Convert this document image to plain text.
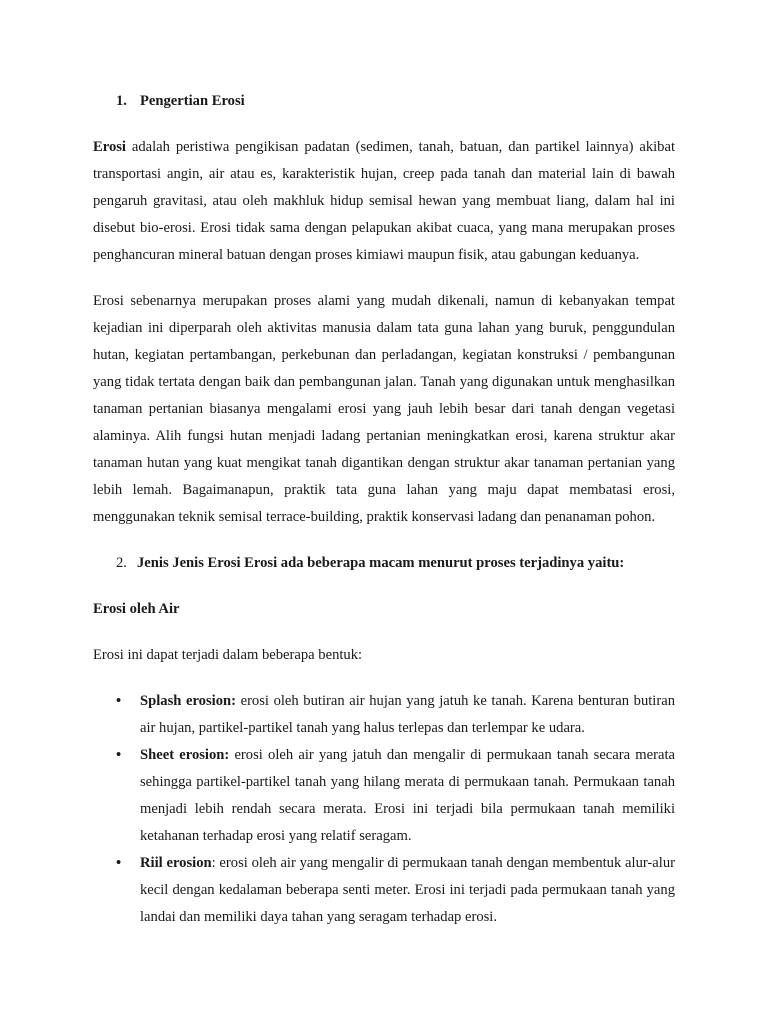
1. Pengertian Erosi

Erosi adalah peristiwa pengikisan padatan (sedimen, tanah, batuan, dan partikel lainnya) akibat transportasi angin, air atau es, karakteristik hujan, creep pada tanah dan material lain di bawah pengaruh gravitasi, atau oleh makhluk hidup semisal hewan yang membuat liang, dalam hal ini disebut bio-erosi. Erosi tidak sama dengan pelapukan akibat cuaca, yang mana merupakan proses penghancuran mineral batuan dengan proses kimiawi maupun fisik, atau gabungan keduanya.

Erosi sebenarnya merupakan proses alami yang mudah dikenali, namun di kebanyakan tempat kejadian ini diperparah oleh aktivitas manusia dalam tata guna lahan yang buruk, penggundulan hutan, kegiatan pertambangan, perkebunan dan perladangan, kegiatan konstruksi / pembangunan yang tidak tertata dengan baik dan pembangunan jalan. Tanah yang digunakan untuk menghasilkan tanaman pertanian biasanya mengalami erosi yang jauh lebih besar dari tanah dengan vegetasi alaminya. Alih fungsi hutan menjadi ladang pertanian meningkatkan erosi, karena struktur akar tanaman hutan yang kuat mengikat tanah digantikan dengan struktur akar tanaman pertanian yang lebih lemah. Bagaimanapun, praktik tata guna lahan yang maju dapat membatasi erosi, menggunakan teknik semisal terrace-building, praktik konservasi ladang dan penanaman pohon.

2. Jenis Jenis Erosi Erosi ada beberapa macam menurut proses terjadinya yaitu:

Erosi oleh Air

Erosi ini dapat terjadi dalam beberapa bentuk:

• Splash erosion: erosi oleh butiran air hujan yang jatuh ke tanah. Karena benturan butiran air hujan, partikel-partikel tanah yang halus terlepas dan terlempar ke udara.
• Sheet erosion: erosi oleh air yang jatuh dan mengalir di permukaan tanah secara merata sehingga partikel-partikel tanah yang hilang merata di permukaan tanah. Permukaan tanah menjadi lebih rendah secara merata. Erosi ini terjadi bila permukaan tanah memiliki ketahanan terhadap erosi yang relatif seragam.
• Riil erosion: erosi oleh air yang mengalir di permukaan tanah dengan membentuk alur-alur kecil dengan kedalaman beberapa senti meter. Erosi ini terjadi pada permukaan tanah yang landai dan memiliki daya tahan yang seragam terhadap erosi.
